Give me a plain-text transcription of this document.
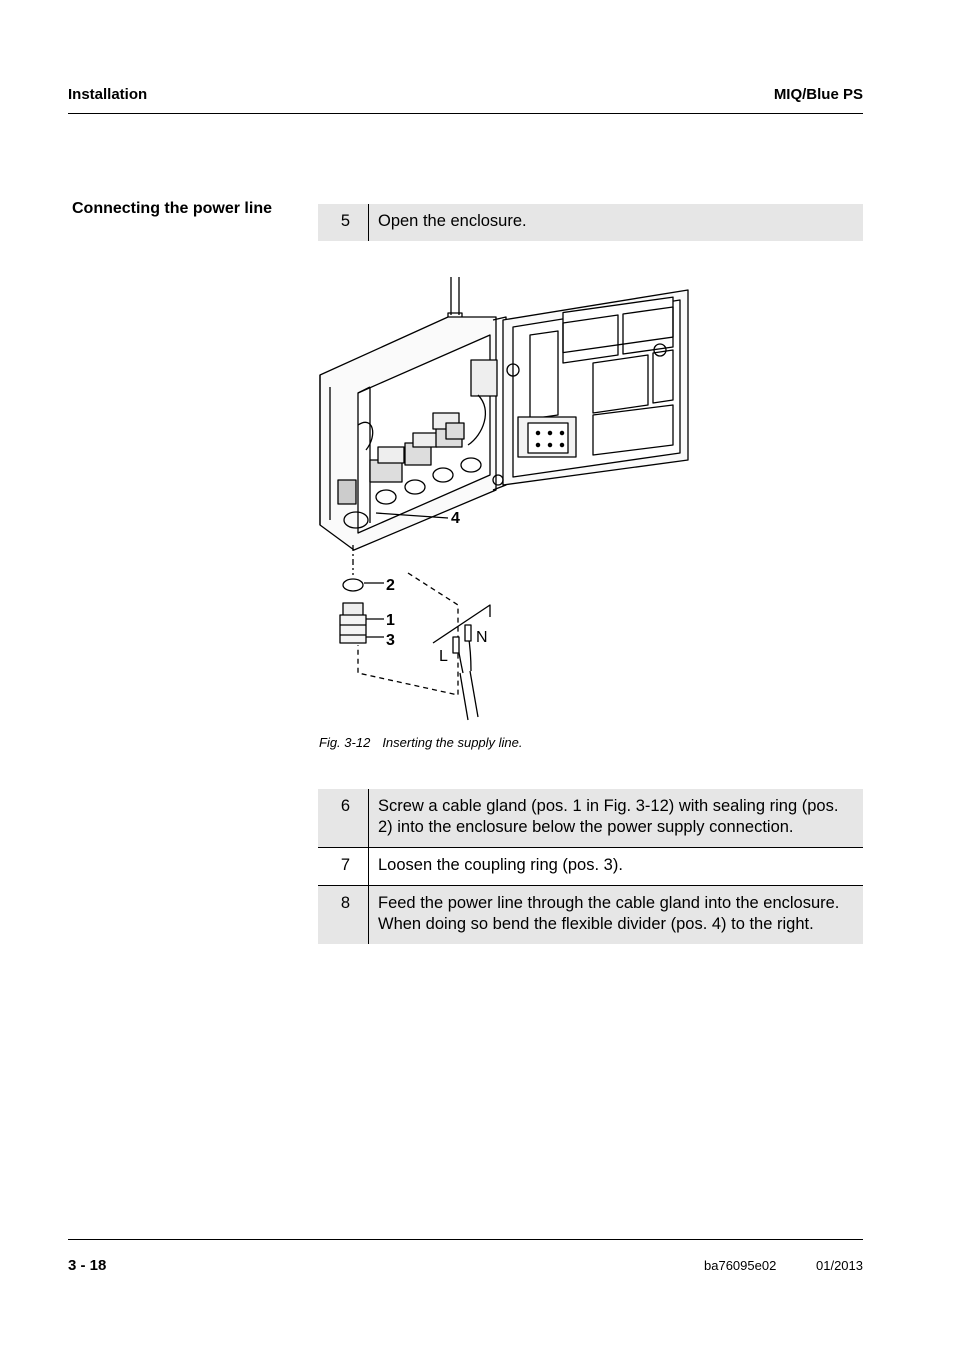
Installation	MIQ/Blue PS
Connecting the power line
5	Open the enclosure.
4
2
1
3	N
L
Fig. 3-12 Inserting the supply line.
6	Screw a cable gland (pos. 1 in Fig. 3-12) with sealing ring (pos. 2) into the enclosure below the power supply connection.
7	Loosen the coupling ring (pos. 3).
8	Feed the power line through the cable gland into the enclosure. When doing so bend the flexible divider (pos. 4) to the right.
3 - 18	ba76095e02	01/2013
